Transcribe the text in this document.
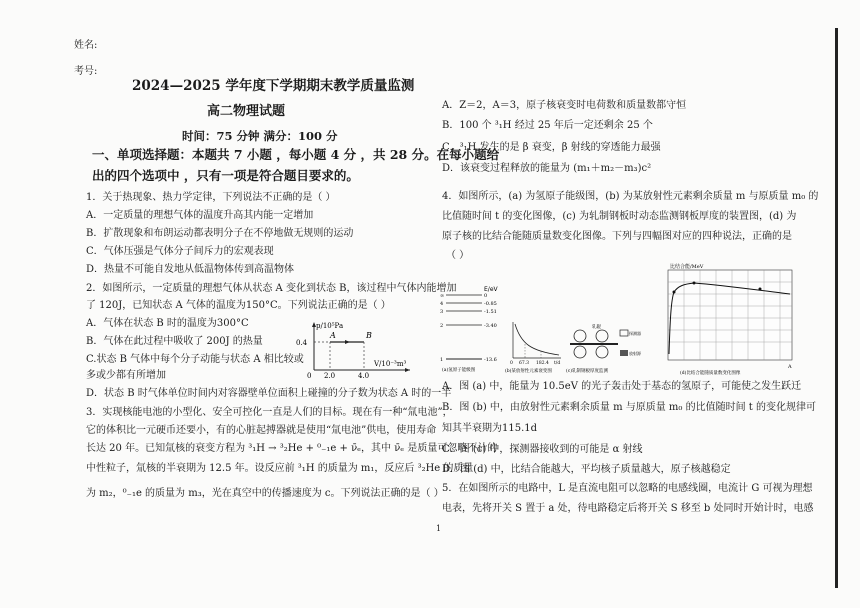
姓名:
考号:
2024—2025 学年度下学期期末教学质量监测
高二物理试题
时间：75 分钟 满分：100 分
一、单项选择题：本题共 7 小题 ，每小题 4 分 ，共 28 分。在每小题给
出的四个选项中 ，只有一项是符合题目要求的。
1．关于热现象、热力学定律，下列说法不正确的是（ ）
A．一定质量的理想气体的温度升高其内能一定增加
B．扩散现象和布朗运动都表明分子在不停地做无规则的运动
C．气体压强是气体分子间斥力的宏观表现
D．热量不可能自发地从低温物体传到高温物体
2．如图所示，一定质量的理想气体从状态 A 变化到状态 B，该过程中气体内能增加
了 120J，已知状态 A 气体的温度为150°C。下列说法正确的是（ ）
A．气体在状态 B 时的温度为300°C
B．气体在此过程中吸收了 200J 的热量
C.状态 B 气体中每个分子动能与状态 A 相比较或
多或少都有所增加
D．状态 B 时气体单位时间内对容器壁单位面积上碰撞的分子数为状态 A 时的一半
A	B
p/10⁵Pa
V/10⁻³m³
0.4
0 2.0	4.0
3．实现核能电池的小型化、安全可控化一直是人们的目标。现在有一种“氚电池”，
它的体积比一元硬币还要小，有的心脏起搏器就是使用“氚电池”供电，使用寿命
长达 20 年。已知氚核的衰变方程为 ³₁H → ³₂He + ⁰₋₁e + ν̄ₑ，其中 ν̄ₑ 是质量可忽略不计的
中性粒子，氚核的半衰期为 12.5 年。设反应前 ³₁H 的质量为 m₁，反应后 ³₂He 的质量
为 m₂，⁰₋₁e 的质量为 m₃，光在真空中的传播速度为 c。下列说法正确的是（ ）
A．Z＝2，A＝3，原子核衰变时电荷数和质量数都守恒
B．100 个 ³₁H 经过 25 年后一定还剩余 25 个
C．³₁H 发生的是 β 衰变，β 射线的穿透能力最强
D．该衰变过程释放的能量为 (m₁＋m₂－m₃)c²
4．如图所示，(a) 为氢原子能级图，(b) 为某放射性元素剩余质量 m 与原质量 m₀ 的
比值随时间 t 的变化图像，(c) 为轧制钢板时动态监测钢板厚度的装置图，(d) 为
原子核的比结合能随质量数变化图像。下列与四幅图对应的四种说法，正确的是
（ ）
E/eV
∞
4
3
2
1
0
-0.85
-1.51
-3.40
-13.6
(a)氢原子能级图
0 67.3 182.4 t/d
(b)某放射性元素衰变图
轧辊
探测器
放射源
(c)轧制钢板厚度监测
比结合能/MeV
A
(d)比结合能随质量数变化图像
A．图 (a) 中，能量为 10.5eV 的光子轰击处于基态的氢原子，可能使之发生跃迁
B．图 (b) 中，由放射性元素剩余质量 m 与原质量 m₀ 的比值随时间 t 的变化规律可
知其半衰期为115.1d
C．图 (c) 中，探测器接收到的可能是 α 射线
D．图 (d) 中，比结合能越大，平均核子质量越大，原子核越稳定
5．在如图所示的电路中，L 是直流电阻可以忽略的电感线圈，电流计 G 可视为理想
电表，先将开关 S 置于 a 处，待电路稳定后将开关 S 移至 b 处同时开始计时，电感
1
